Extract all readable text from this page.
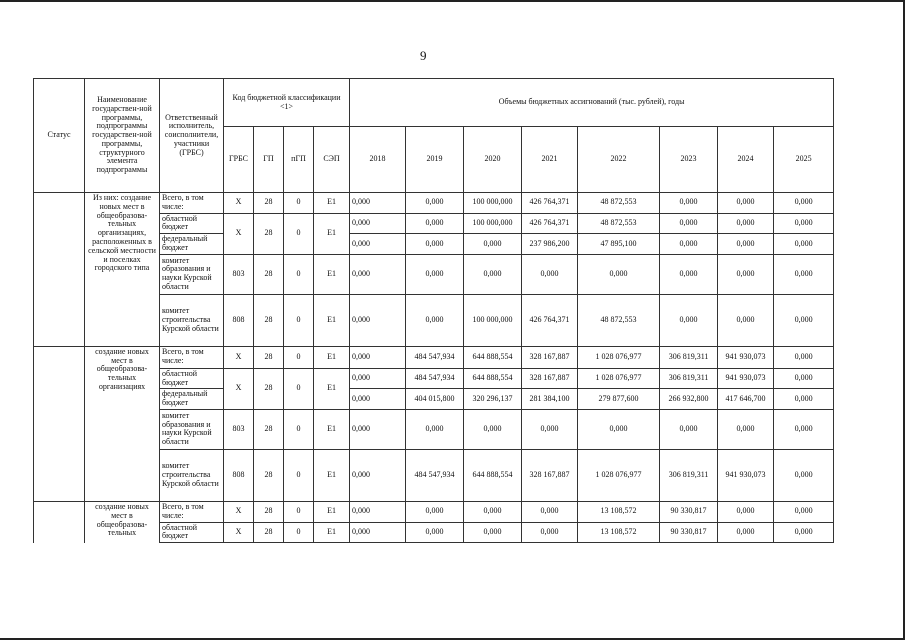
9
Статус	Наименование государствен-ной программы, подпрограммы государствен-ной программы, структурного элемента подпрограммы	Ответственный исполнитель, соисполнители, участники (ГРБС)	Код бюджетной классификации <1>				Объемы бюджетных ассигнований (тыс. рублей), годы							
			ГРБС	ГП	пГП	СЭП	2018	2019	2020	2021	2022	2023	2024	2025
	Из них: создание новых мест в общеобразова-тельных организациях, расположенных в сельской местности и поселках городского типа	Всего, в том числе:	Х	28	0	Е1	0,000	0,000	100 000,000	426 764,371	48 872,553	0,000	0,000	0,000
		областной бюджет	Х	28	0	Е1	0,000	0,000	100 000,000	426 764,371	48 872,553	0,000	0,000	0,000
		федеральный бюджет					0,000	0,000	0,000	237 986,200	47 895,100	0,000	0,000	0,000
		комитет образования и науки Курской области	803	28	0	Е1	0,000	0,000	0,000	0,000	0,000	0,000	0,000	0,000
		комитет строительства Курской области	808	28	0	Е1	0,000	0,000	100 000,000	426 764,371	48 872,553	0,000	0,000	0,000
	создание новых мест в общеобразова-тельных организациях	Всего, в том числе:	Х	28	0	Е1	0,000	484 547,934	644 888,554	328 167,887	1 028 076,977	306 819,311	941 930,073	0,000
		областной бюджет	Х	28	0	Е1	0,000	484 547,934	644 888,554	328 167,887	1 028 076,977	306 819,311	941 930,073	0,000
		федеральный бюджет					0,000	404 015,800	320 296,137	281 384,100	279 877,600	266 932,800	417 646,700	0,000
		комитет образования и науки Курской области	803	28	0	Е1	0,000	0,000	0,000	0,000	0,000	0,000	0,000	0,000
		комитет строительства Курской области	808	28	0	Е1	0,000	484 547,934	644 888,554	328 167,887	1 028 076,977	306 819,311	941 930,073	0,000
	создание новых мест в общеобразова-тельных	Всего, в том числе:	Х	28	0	Е1	0,000	0,000	0,000	0,000	13 108,572	90 330,817	0,000	0,000
		областной бюджет	Х	28	0	Е1	0,000	0,000	0,000	0,000	13 108,572	90 330,817	0,000	0,000
